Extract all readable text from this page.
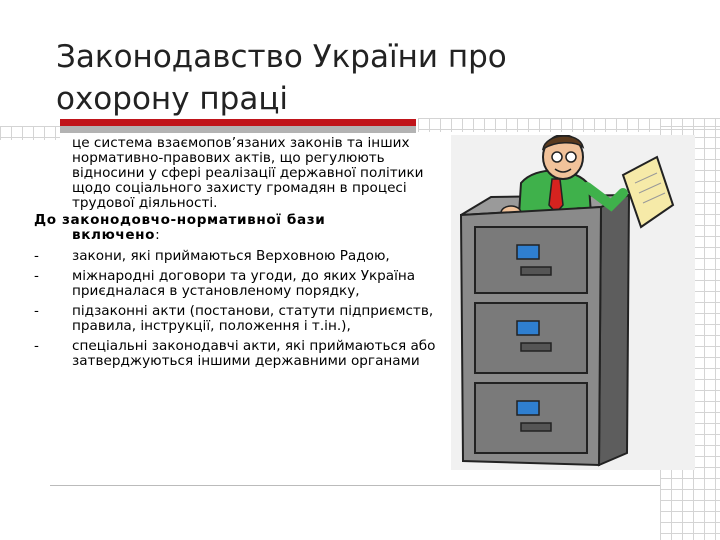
Законодавство України про охорону праці

це система взаємопов’язаних законів та інших нормативно-правових актів, що регулюють відносини у сфері реалізації державної політики щодо соціального захисту громадян в процесі трудової діяльності.

До законодовчо-нормативної бази
включено:
-	закони, які приймаються Верховною Радою,
-	міжнародні договори та угоди, до яких Україна приєдналася в установленому порядку,
-	підзаконні акти (постанови, статути підприємств, правила, інструкції, положення і т.ін.),
-	спеціальні законодавчі акти, які приймаються або затверджуються іншими державними органами
